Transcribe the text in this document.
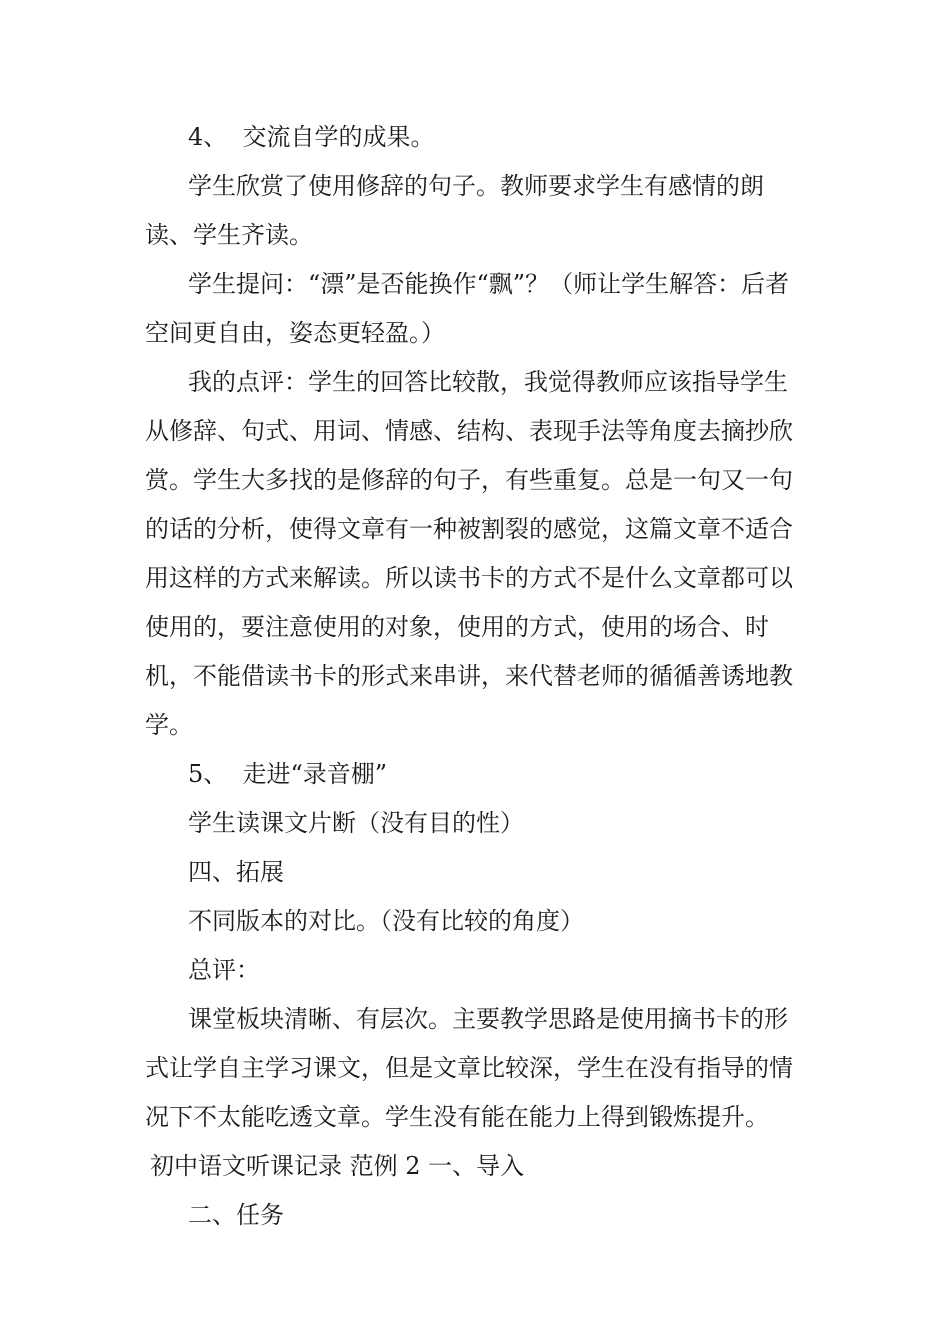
4、  交流自学的成果。

学生欣赏了使用修辞的句子。教师要求学生有感情的朗读、学生齐读。

学生提问：“漂”是否能换作“飘”？（师让学生解答：后者空间更自由，姿态更轻盈。）

我的点评：学生的回答比较散，我觉得教师应该指导学生从修辞、句式、用词、情感、结构、表现手法等角度去摘抄欣赏。学生大多找的是修辞的句子，有些重复。总是一句又一句的话的分析，使得文章有一种被割裂的感觉，这篇文章不适合用这样的方式来解读。所以读书卡的方式不是什么文章都可以使用的，要注意使用的对象，使用的方式，使用的场合、时机，不能借读书卡的形式来串讲，来代替老师的循循善诱地教学。

5、  走进“录音棚”

学生读课文片断（没有目的性）

四、拓展

不同版本的对比。（没有比较的角度）

总评：

课堂板块清晰、有层次。主要教学思路是使用摘书卡的形式让学自主学习课文，但是文章比较深，学生在没有指导的情况下不太能吃透文章。学生没有能在能力上得到锻炼提升。

初中语文听课记录 范例 2 一、导入

二、任务
